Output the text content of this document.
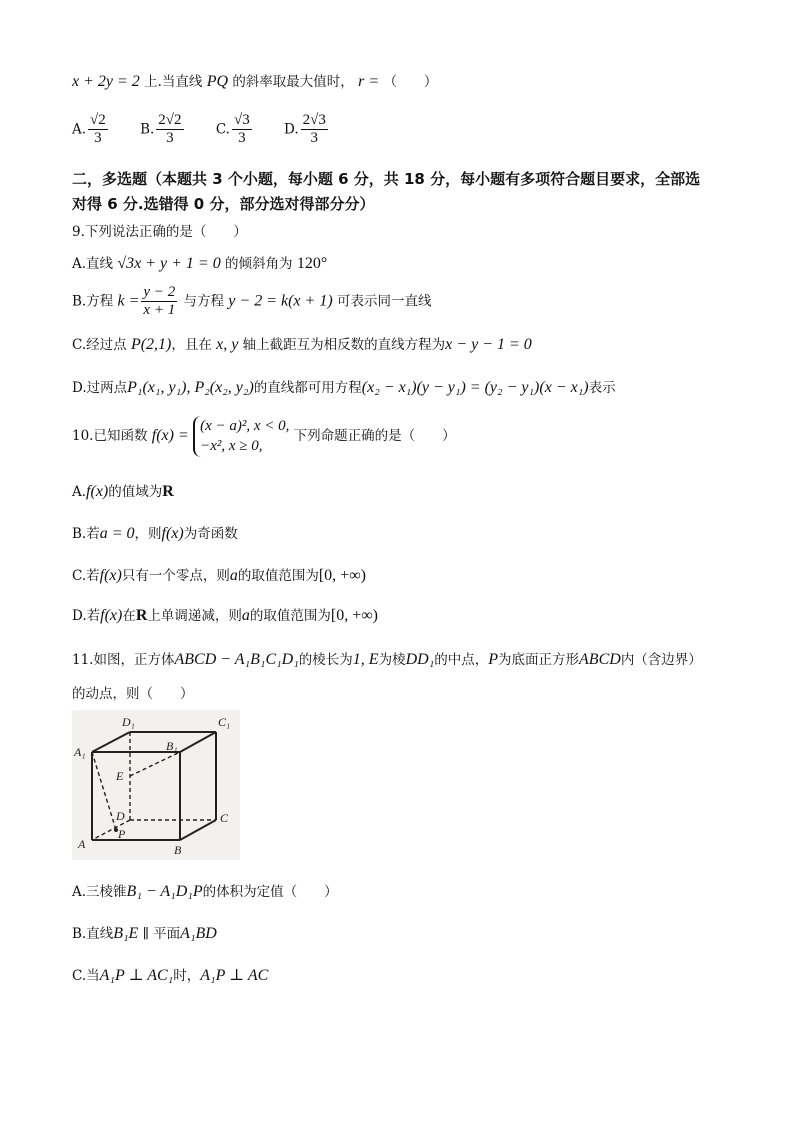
x + 2y = 2 上.当直线 PQ 的斜率取最大值时， r = （　　）
A. $\frac{√2}{3} B$. $\frac{2√2}{3} C$. $\frac{√3}{3} D$. $\frac{2√3}{3}$
二，多选题（本题共 3 个小题，每小题 6 分，共 18 分，每小题有多项符合题目要求，全部选
对得 6 分.选错得 0 分，部分选对得部分分）
9.下列说法正确的是（　　）
A.直线 √3x + y + 1 = 0 的倾斜角为 120°
B.方程 $k = \frac{y - 2}{x + 1}$ 与方程 y − 2 = k(x + 1) 可表示同一直线
C.经过点 P(2,1)，且在 x, y 轴上截距互为相反数的直线方程为x − y − 1 = 0
D.过两点P₁(x₁, y₁), P₂(x₂, y₂)的直线都可用方程(x₂ − x₁)(y − y₁) = (y₂ − y₁)(x − x₁)表示
10.已知函数 f(x) =
(x − a)², x < 0,
−x², x ≥ 0,
下列命题正确的是（　　）
A.f(x)的值域为R
B.若a = 0，则f(x)为奇函数
C.若f(x)只有一个零点，则a的取值范围为[0, +∞)
D.若f(x)在R上单调递减，则a的取值范围为[0, +∞)
11.如图，正方体ABCD − A₁B₁C₁D₁的棱长为1, E为棱DD₁的中点，P为底面正方形ABCD内（含边界）
的动点，则（　　）
D₁	C₁
A₁	B₁
E
D	C
P
A	B
A.三棱锥B₁ − A₁D₁P的体积为定值（　　）
B.直线B₁E ∥ 平面A₁BD
C.当A₁P ⊥ AC₁时，A₁P ⊥ AC
